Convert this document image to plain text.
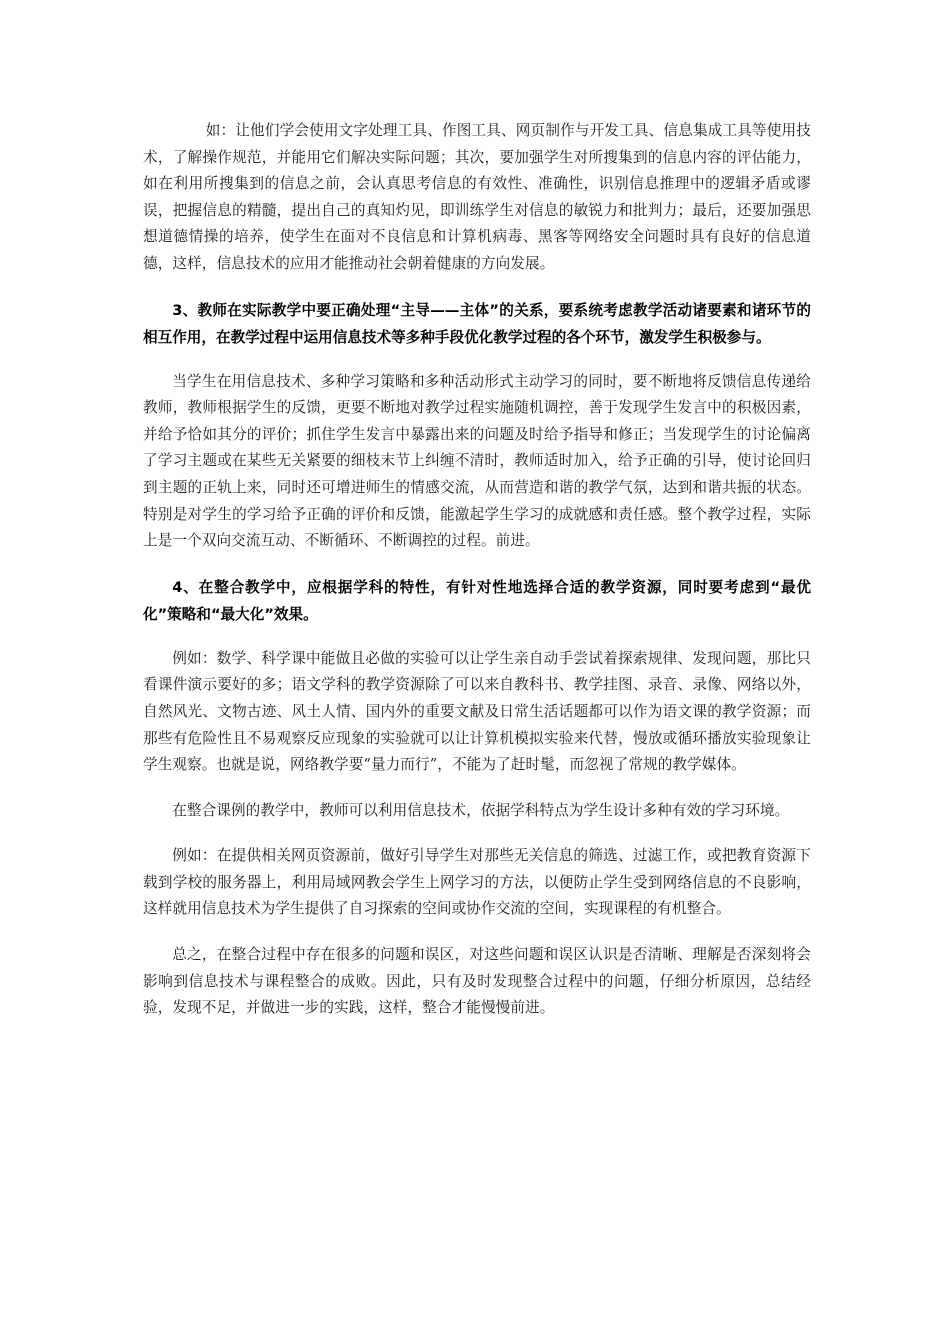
如：让他们学会使用文字处理工具、作图工具、网页制作与开发工具、信息集成工具等使用技术，了解操作规范，并能用它们解决实际问题；其次，要加强学生对所搜集到的信息内容的评估能力，如在利用所搜集到的信息之前，会认真思考信息的有效性、准确性，识别信息推理中的逻辑矛盾或谬误，把握信息的精髓，提出自己的真知灼见，即训练学生对信息的敏锐力和批判力；最后，还要加强思想道德情操的培养，使学生在面对不良信息和计算机病毒、黑客等网络安全问题时具有良好的信息道德，这样，信息技术的应用才能推动社会朝着健康的方向发展。

3、教师在实际教学中要正确处理“主导——主体”的关系，要系统考虑教学活动诸要素和诸环节的相互作用，在教学过程中运用信息技术等多种手段优化教学过程的各个环节，激发学生积极参与。

当学生在用信息技术、多种学习策略和多种活动形式主动学习的同时，要不断地将反馈信息传递给教师，教师根据学生的反馈，更要不断地对教学过程实施随机调控，善于发现学生发言中的积极因素，并给予恰如其分的评价；抓住学生发言中暴露出来的问题及时给予指导和修正；当发现学生的讨论偏离了学习主题或在某些无关紧要的细枝末节上纠缠不清时，教师适时加入，给予正确的引导，使讨论回归到主题的正轨上来，同时还可增进师生的情感交流，从而营造和谐的教学气氛，达到和谐共振的状态。特别是对学生的学习给予正确的评价和反馈，能激起学生学习的成就感和责任感。整个教学过程，实际上是一个双向交流互动、不断循环、不断调控的过程。前进。

4、在整合教学中，应根据学科的特性，有针对性地选择合适的教学资源，同时要考虑到“最优化”策略和“最大化”效果。

例如：数学、科学课中能做且必做的实验可以让学生亲自动手尝试着探索规律、发现问题，那比只看课件演示要好的多；语文学科的教学资源除了可以来自教科书、教学挂图、录音、录像、网络以外，自然风光、文物古迹、风土人情、国内外的重要文献及日常生活话题都可以作为语文课的教学资源；而那些有危险性且不易观察反应现象的实验就可以让计算机模拟实验来代替，慢放或循环播放实验现象让学生观察。也就是说，网络教学要“量力而行”，不能为了赶时髦，而忽视了常规的教学媒体。

在整合课例的教学中，教师可以利用信息技术，依据学科特点为学生设计多种有效的学习环境。

例如：在提供相关网页资源前，做好引导学生对那些无关信息的筛选、过滤工作，或把教育资源下载到学校的服务器上，利用局域网教会学生上网学习的方法，以便防止学生受到网络信息的不良影响，这样就用信息技术为学生提供了自习探索的空间或协作交流的空间，实现课程的有机整合。

总之，在整合过程中存在很多的问题和误区，对这些问题和误区认识是否清晰、理解是否深刻将会影响到信息技术与课程整合的成败。因此，只有及时发现整合过程中的问题，仔细分析原因，总结经验，发现不足，并做进一步的实践，这样，整合才能慢慢前进。
